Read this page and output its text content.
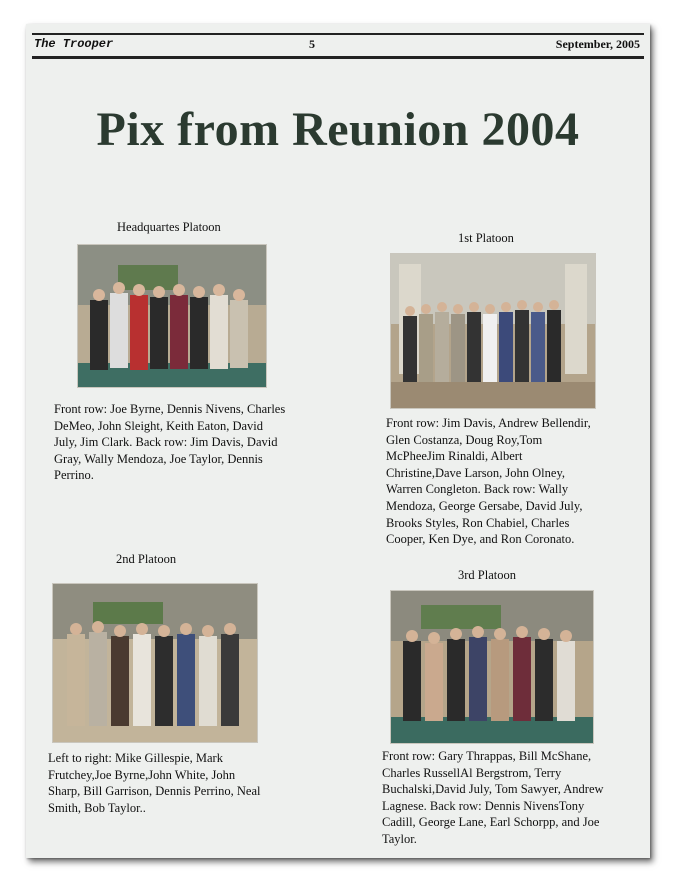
The Trooper	5	September, 2005
Pix from Reunion 2004
Headquartes Platoon
Front row: Joe Byrne, Dennis Nivens, Charles DeMeo, John Sleight, Keith Eaton, David July, Jim Clark. Back row: Jim Davis, David Gray, Wally Mendoza, Joe Taylor, Dennis Perrino.
1st Platoon
Front row: Jim Davis, Andrew Bellendir, Glen Costanza, Doug Roy,Tom McPheeJim Rinaldi, Albert Christine,Dave Larson, John Olney, Warren Congleton. Back row: Wally Mendoza, George Gersabe, David July, Brooks Styles, Ron Chabiel, Charles Cooper, Ken Dye, and Ron Coronato.
2nd Platoon
Left to right: Mike Gillespie, Mark Frutchey,Joe Byrne,John White, John Sharp, Bill Garrison, Dennis Perrino, Neal Smith, Bob Taylor..
3rd Platoon
Front row: Gary Thrappas, Bill McShane, Charles RussellAl Bergstrom, Terry Buchalski,David July, Tom Sawyer, Andrew Lagnese. Back row: Dennis NivensTony Cadill, George Lane, Earl Schorpp, and Joe Taylor.
